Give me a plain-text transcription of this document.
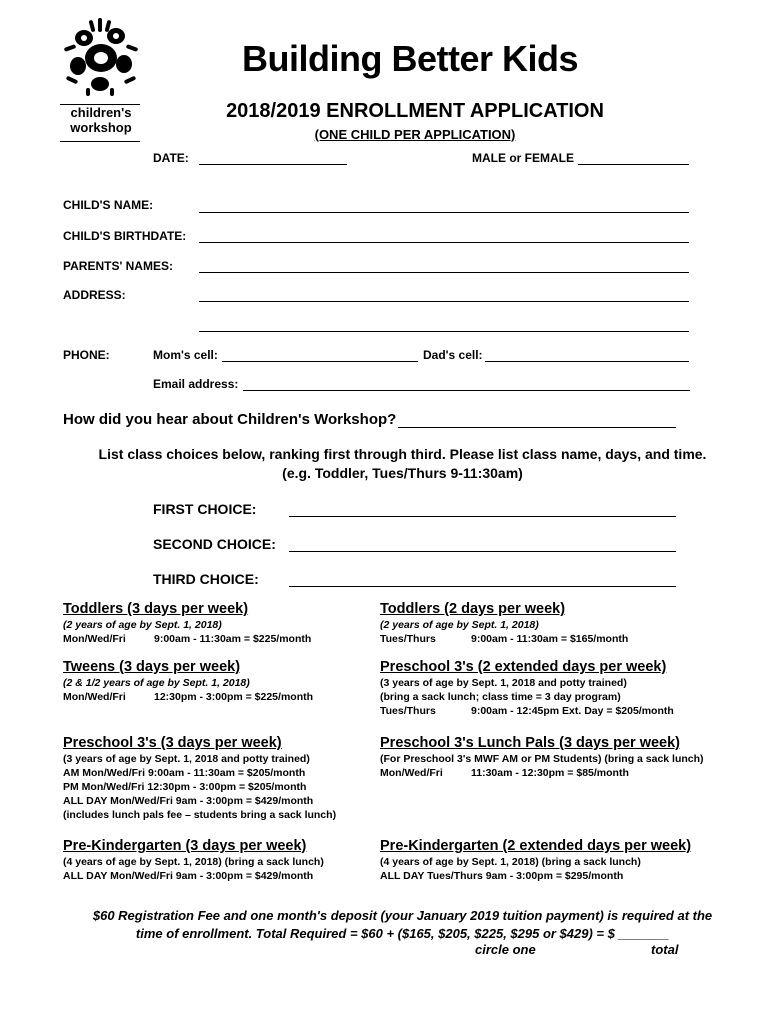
children's
workshop
Building Better Kids
2018/2019 ENROLLMENT APPLICATION
(ONE CHILD PER APPLICATION)
DATE:	MALE or FEMALE
CHILD'S NAME:
CHILD'S BIRTHDATE:
PARENTS' NAMES:
ADDRESS:
PHONE:	Mom's cell:	Dad's cell:
Email address:
How did you hear about Children's Workshop?
List class choices below, ranking first through third. Please list class name, days, and time.
(e.g. Toddler, Tues/Thurs 9-11:30am)
FIRST CHOICE:
SECOND CHOICE:
THIRD CHOICE:
Toddlers (3 days per week)
(2 years of age by Sept. 1, 2018)
Mon/Wed/Fri	9:00am - 11:30am = $225/month
Tweens (3 days per week)
(2 & 1/2 years of age by Sept. 1, 2018)
Mon/Wed/Fri	12:30pm - 3:00pm = $225/month
Preschool 3's (3 days per week)
(3 years of age by Sept. 1, 2018 and potty trained)
AM Mon/Wed/Fri 9:00am - 11:30am = $205/month
PM Mon/Wed/Fri 12:30pm - 3:00pm = $205/month
ALL DAY Mon/Wed/Fri 9am - 3:00pm = $429/month
(includes lunch pals fee – students bring a sack lunch)
Pre-Kindergarten (3 days per week)
(4 years of age by Sept. 1, 2018) (bring a sack lunch)
ALL DAY Mon/Wed/Fri 9am - 3:00pm = $429/month
Toddlers (2 days per week)
(2 years of age by Sept. 1, 2018)
Tues/Thurs	9:00am - 11:30am = $165/month
Preschool 3's (2 extended days per week)
(3 years of age by Sept. 1, 2018 and potty trained)
(bring a sack lunch; class time = 3 day program)
Tues/Thurs	9:00am - 12:45pm Ext. Day = $205/month
Preschool 3's Lunch Pals (3 days per week)
(For Preschool 3's MWF AM or PM Students) (bring a sack lunch)
Mon/Wed/Fri	11:30am - 12:30pm = $85/month
Pre-Kindergarten (2 extended days per week)
(4 years of age by Sept. 1, 2018) (bring a sack lunch)
ALL DAY Tues/Thurs 9am - 3:00pm = $295/month
$60 Registration Fee and one month's deposit (your January 2019 tuition payment) is required at the
time of enrollment. Total Required = $60 + ($165, $205, $225, $295 or $429) = $ _______
circle one	total
